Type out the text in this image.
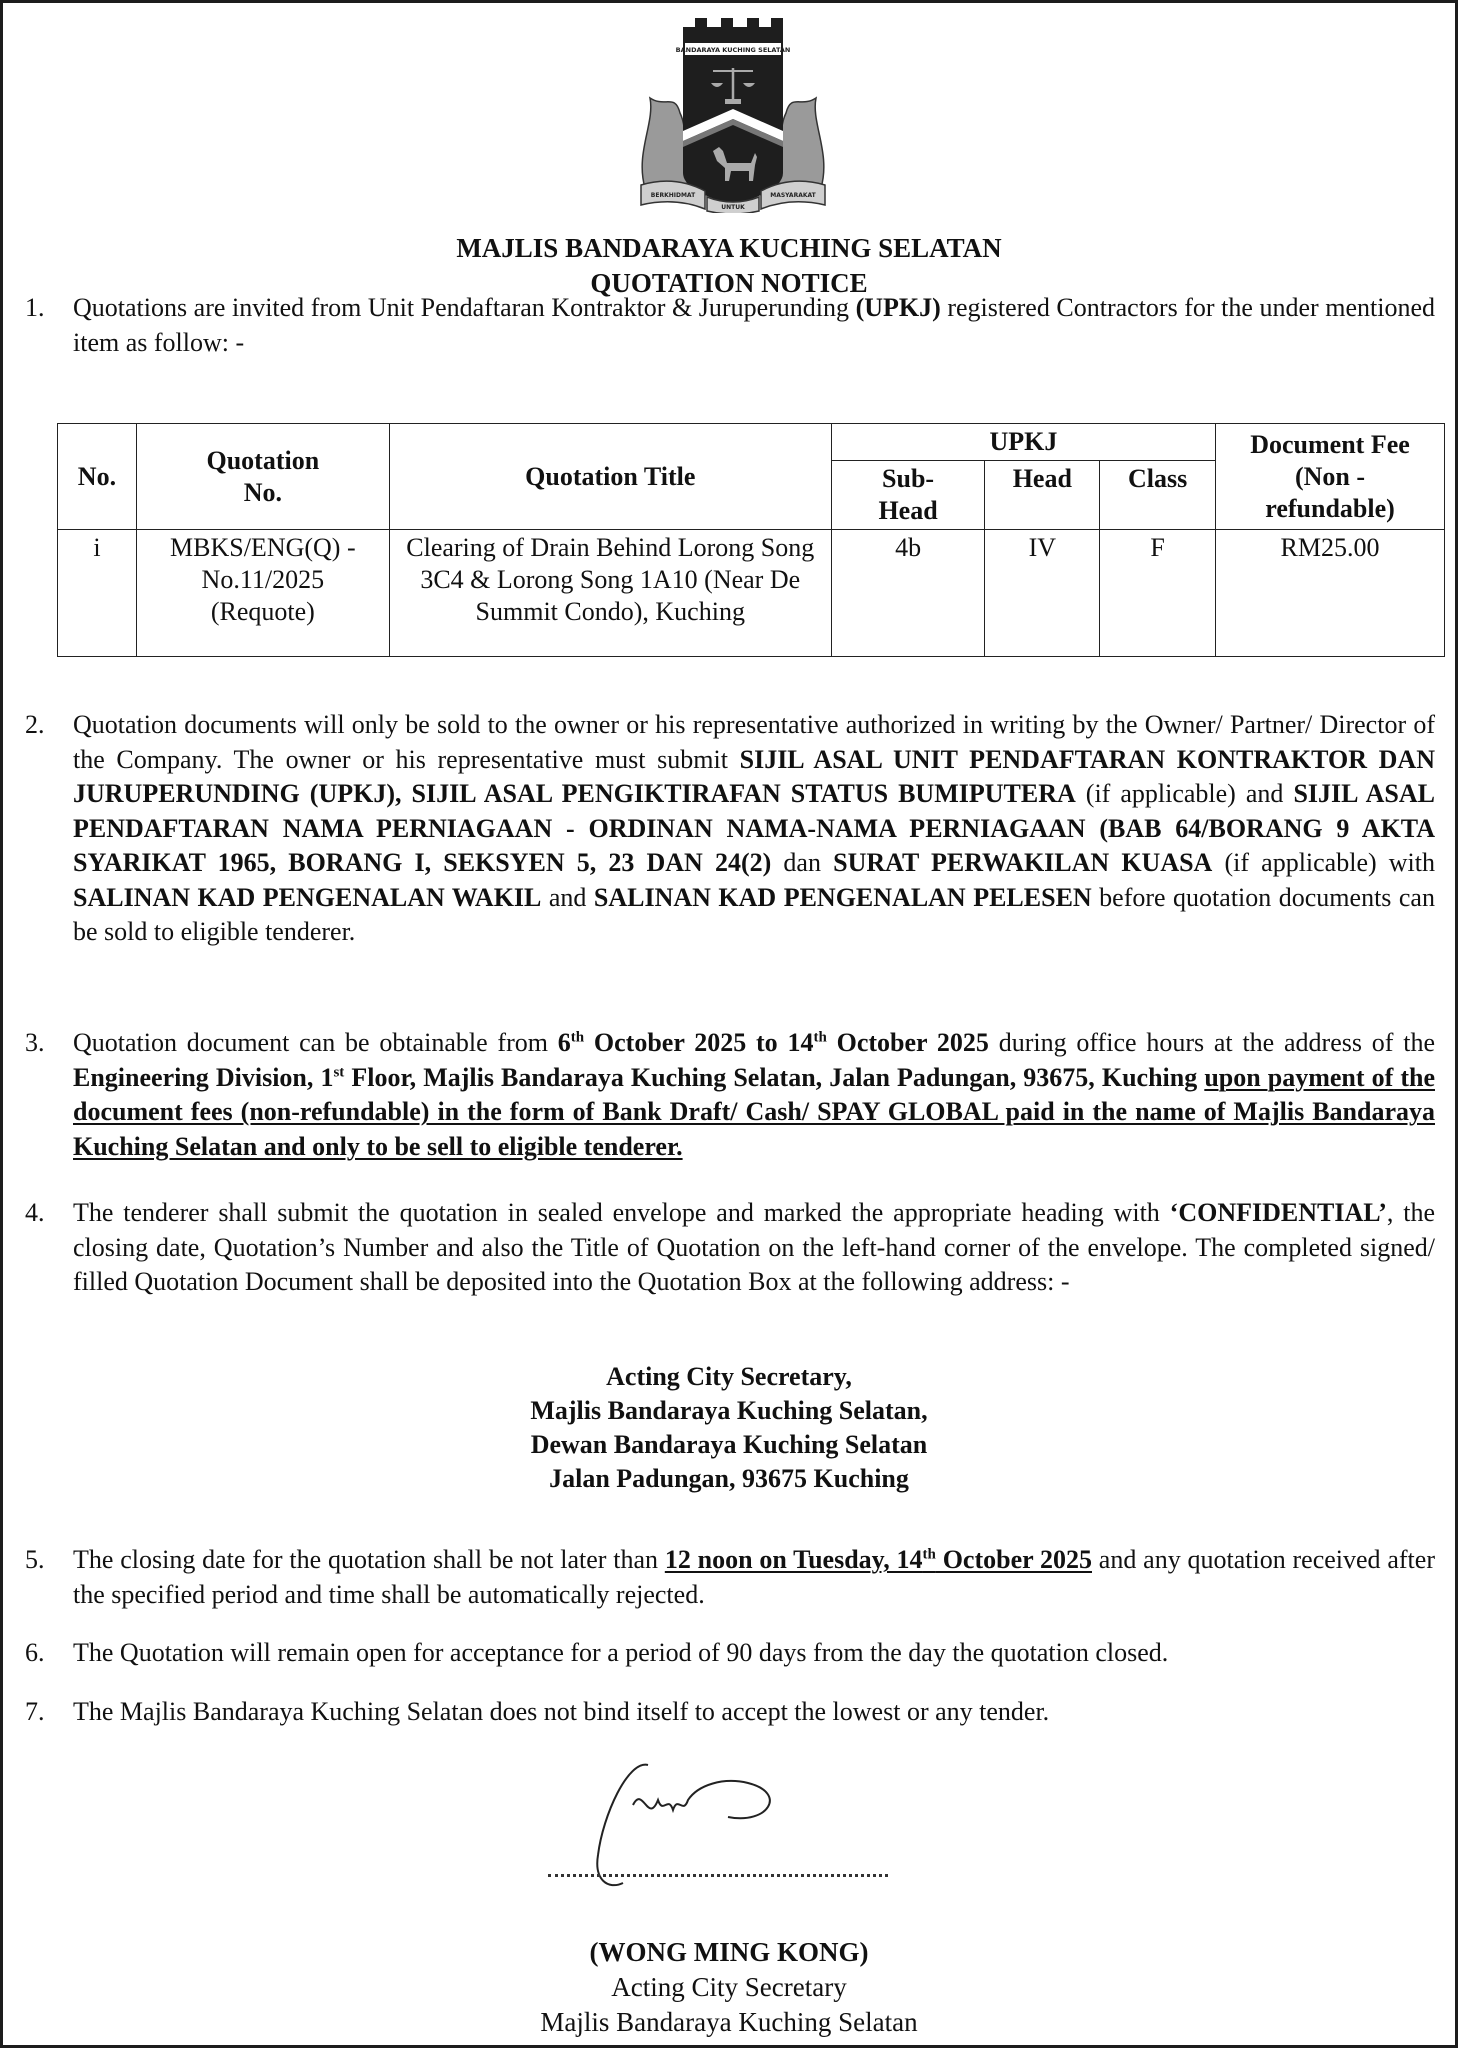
BANDARAYA KUCHING SELATAN
BERKHIDMAT
UNTUK
MASYARAKAT
MAJLIS BANDARAYA KUCHING SELATAN
QUOTATION NOTICE
1.	Quotations are invited from Unit Pendaftaran Kontraktor & Juruperunding (UPKJ) registered Contractors for the under mentioned item as follow: -
No.	Quotation No.	Quotation Title	UPKJ			Document Fee (Non - refundable)
			Sub-Head	Head	Class	
i	MBKS/ENG(Q) - No.11/2025 (Requote)	Clearing of Drain Behind Lorong Song 3C4 & Lorong Song 1A10 (Near De Summit Condo), Kuching	4b	IV	F	RM25.00
2.	Quotation documents will only be sold to the owner or his representative authorized in writing by the Owner/ Partner/ Director of the Company. The owner or his representative must submit SIJIL ASAL UNIT PENDAFTARAN KONTRAKTOR DAN JURUPERUNDING (UPKJ), SIJIL ASAL PENGIKTIRAFAN STATUS BUMIPUTERA (if applicable) and SIJIL ASAL PENDAFTARAN NAMA PERNIAGAAN - ORDINAN NAMA-NAMA PERNIAGAAN (BAB 64/BORANG 9 AKTA SYARIKAT 1965, BORANG I, SEKSYEN 5, 23 DAN 24(2) dan SURAT PERWAKILAN KUASA (if applicable) with SALINAN KAD PENGENALAN WAKIL and SALINAN KAD PENGENALAN PELESEN before quotation documents can be sold to eligible tenderer.
3.	Quotation document can be obtainable from 6th October 2025 to 14th October 2025 during office hours at the address of the Engineering Division, 1st Floor, Majlis Bandaraya Kuching Selatan, Jalan Padungan, 93675, Kuching upon payment of the document fees (non-refundable) in the form of Bank Draft/ Cash/ SPAY GLOBAL paid in the name of Majlis Bandaraya Kuching Selatan and only to be sell to eligible tenderer.
4.	The tenderer shall submit the quotation in sealed envelope and marked the appropriate heading with ‘CONFIDENTIAL’, the closing date, Quotation’s Number and also the Title of Quotation on the left-hand corner of the envelope. The completed signed/ filled Quotation Document shall be deposited into the Quotation Box at the following address: -
Acting City Secretary,
Majlis Bandaraya Kuching Selatan,
Dewan Bandaraya Kuching Selatan
Jalan Padungan, 93675 Kuching
5.	The closing date for the quotation shall be not later than 12 noon on Tuesday, 14th October 2025 and any quotation received after the specified period and time shall be automatically rejected.
6.	The Quotation will remain open for acceptance for a period of 90 days from the day the quotation closed.
7.	The Majlis Bandaraya Kuching Selatan does not bind itself to accept the lowest or any tender.
(WONG MING KONG)
Acting City Secretary
Majlis Bandaraya Kuching Selatan
